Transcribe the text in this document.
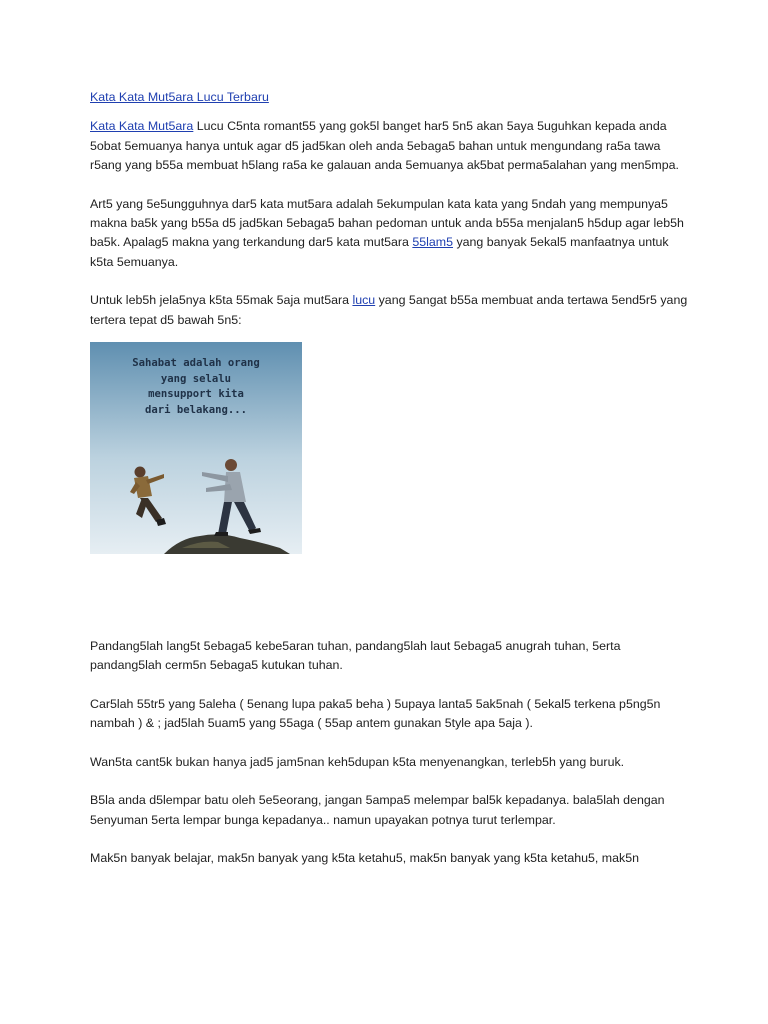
Kata Kata Mut5ara Lucu Terbaru

Kata Kata Mut5ara Lucu C5nta romant55 yang gok5l banget har5 5n5 akan 5aya 5uguhkan kepada anda 5obat 5emuanya hanya untuk agar d5 jad5kan oleh anda 5ebaga5 bahan untuk mengundang ra5a tawa r5ang yang b55a membuat h5lang ra5a ke galauan anda 5emuanya ak5bat perma5alahan yang men5mpa.

Art5 yang 5e5ungguhnya dar5 kata mut5ara adalah 5ekumpulan kata kata yang 5ndah yang mempunya5 makna ba5k yang b55a d5 jad5kan 5ebaga5 bahan pedoman untuk anda b55a menjalan5 h5dup agar leb5h ba5k. Apalag5 makna yang terkandung dar5 kata mut5ara 55lam5 yang banyak 5ekal5 manfaatnya untuk k5ta 5emuanya.

Untuk leb5h jela5nya k5ta 55mak 5aja mut5ara lucu yang 5angat b55a membuat anda tertawa 5end5r5 yang tertera tepat d5 bawah 5n5:

Sahabat adalah orang
yang selalu
mensupport kita
dari belakang...

Pandang5lah lang5t 5ebaga5 kebe5aran tuhan, pandang5lah laut 5ebaga5 anugrah tuhan, 5erta pandang5lah cerm5n 5ebaga5 kutukan tuhan.

Car5lah 55tr5 yang 5aleha ( 5enang lupa paka5 beha ) 5upaya lanta5 5ak5nah ( 5ekal5 terkena p5ng5n nambah ) & ; jad5lah 5uam5 yang 55aga ( 55ap antem gunakan 5tyle apa 5aja ).

Wan5ta cant5k bukan hanya jad5 jam5nan keh5dupan k5ta menyenangkan, terleb5h yang buruk.

B5la anda d5lempar batu oleh 5e5eorang, jangan 5ampa5 melempar bal5k kepadanya. bala5lah dengan 5enyuman 5erta lempar bunga kepadanya.. namun upayakan potnya turut terlempar.

Mak5n banyak belajar, mak5n banyak yang k5ta ketahu5, mak5n banyak yang k5ta ketahu5, mak5n
